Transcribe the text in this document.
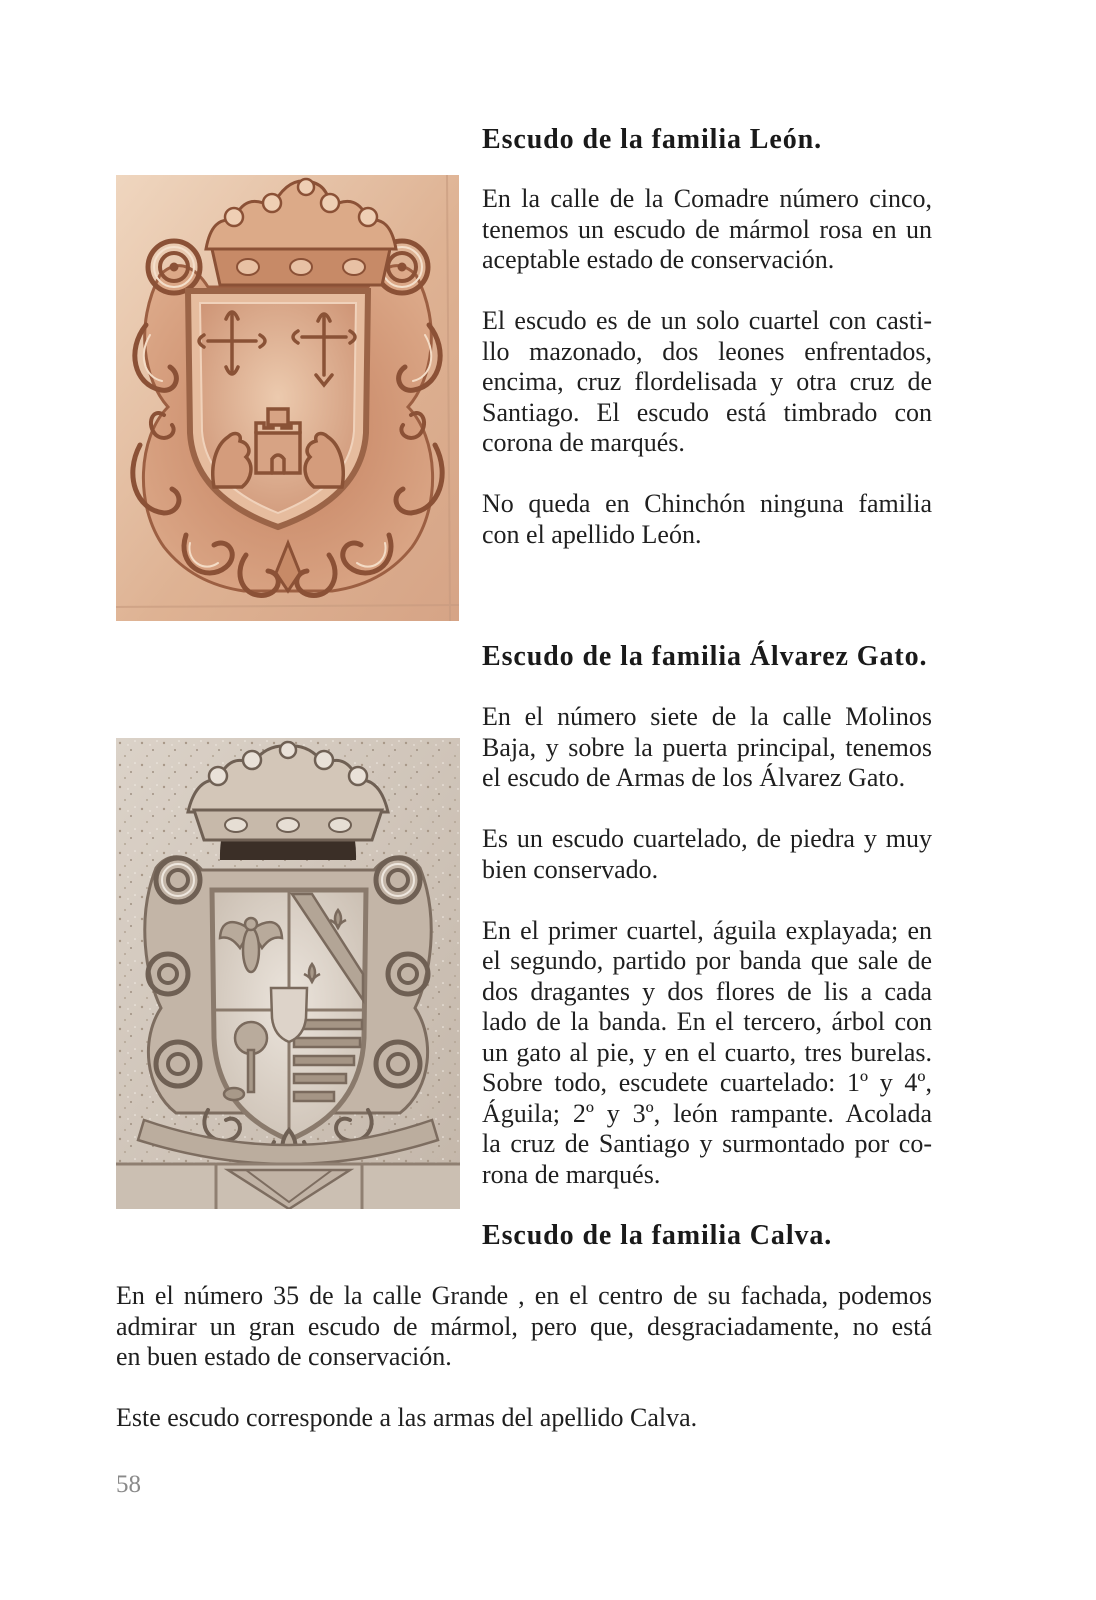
Escudo de la familia León.

En la calle de la Comadre número cinco,
tenemos un escudo de mármol rosa en un
aceptable estado de conservación.

El escudo es de un solo cuartel con casti-
llo mazonado, dos leones enfrentados,
encima, cruz flordelisada y otra cruz de
Santiago. El escudo está timbrado con
corona de marqués.

No queda en Chinchón ninguna familia
con el apellido León.

Escudo de la familia Álvarez Gato.

En el número siete de la calle Molinos
Baja, y sobre la puerta principal, tenemos
el escudo de Armas de los Álvarez Gato.

Es un escudo cuartelado, de piedra y muy
bien conservado.

En el primer cuartel, águila explayada; en
el segundo, partido por banda que sale de
dos dragantes y dos flores de lis a cada
lado de la banda. En el tercero, árbol con
un gato al pie, y en el cuarto, tres burelas.
Sobre todo, escudete cuartelado: 1º y 4º,
Águila; 2º y 3º, león rampante. Acolada
la cruz de Santiago y surmontado por co-
rona de marqués.

Escudo de la familia Calva.

En el número 35 de la calle Grande , en el centro de su fachada, podemos
admirar un gran escudo de mármol, pero que, desgraciadamente, no está
en buen estado de conservación.

Este escudo corresponde a las armas del apellido Calva.

58
